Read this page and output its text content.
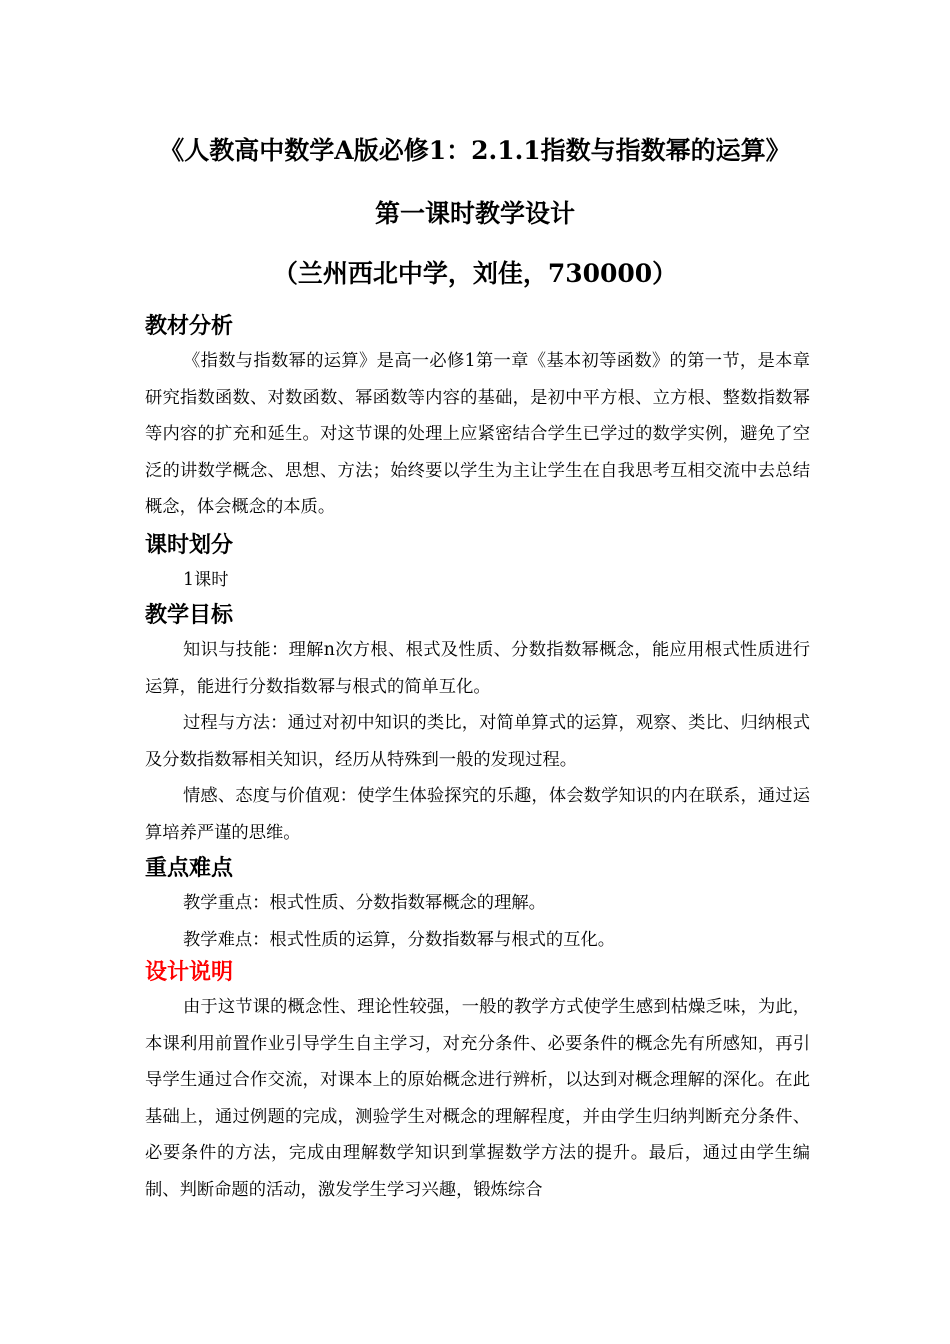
《人教高中数学A版必修1：2.1.1指数与指数幂的运算》
第一课时教学设计
（兰州西北中学，刘佳，730000）
教材分析

《指数与指数幂的运算》是高一必修1第一章《基本初等函数》的第一节，是本章研究指数函数、对数函数、幂函数等内容的基础，是初中平方根、立方根、整数指数幂等内容的扩充和延生。对这节课的处理上应紧密结合学生已学过的数学实例，避免了空泛的讲数学概念、思想、方法；始终要以学生为主让学生在自我思考互相交流中去总结概念，体会概念的本质。

课时划分

1课时

教学目标

知识与技能：理解n次方根、根式及性质、分数指数幂概念，能应用根式性质进行运算，能进行分数指数幂与根式的简单互化。

过程与方法：通过对初中知识的类比，对简单算式的运算，观察、类比、归纳根式及分数指数幂相关知识，经历从特殊到一般的发现过程。

情感、态度与价值观：使学生体验探究的乐趣，体会数学知识的内在联系，通过运算培养严谨的思维。

重点难点

教学重点：根式性质、分数指数幂概念的理解。

教学难点：根式性质的运算，分数指数幂与根式的互化。

设计说明

由于这节课的概念性、理论性较强，一般的教学方式使学生感到枯燥乏味，为此，本课利用前置作业引导学生自主学习，对充分条件、必要条件的概念先有所感知，再引导学生通过合作交流，对课本上的原始概念进行辨析，以达到对概念理解的深化。在此基础上，通过例题的完成，测验学生对概念的理解程度，并由学生归纳判断充分条件、必要条件的方法，完成由理解数学知识到掌握数学方法的提升。最后，通过由学生编制、判断命题的活动，激发学生学习兴趣，锻炼综合
